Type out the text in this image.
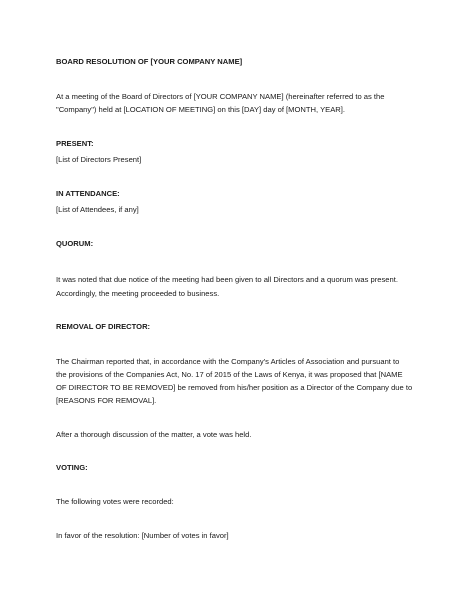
BOARD RESOLUTION OF [YOUR COMPANY NAME]
At a meeting of the Board of Directors of [YOUR COMPANY NAME] (hereinafter referred to as the
"Company") held at [LOCATION OF MEETING] on this [DAY] day of [MONTH, YEAR].
PRESENT:
[List of Directors Present]
IN ATTENDANCE:
[List of Attendees, if any]
QUORUM:
It was noted that due notice of the meeting had been given to all Directors and a quorum was present.
Accordingly, the meeting proceeded to business.
REMOVAL OF DIRECTOR:
The Chairman reported that, in accordance with the Company's Articles of Association and pursuant to
the provisions of the Companies Act, No. 17 of 2015 of the Laws of Kenya, it was proposed that [NAME
OF DIRECTOR TO BE REMOVED] be removed from his/her position as a Director of the Company due to
[REASONS FOR REMOVAL].
After a thorough discussion of the matter, a vote was held.
VOTING:
The following votes were recorded:
In favor of the resolution: [Number of votes in favor]
